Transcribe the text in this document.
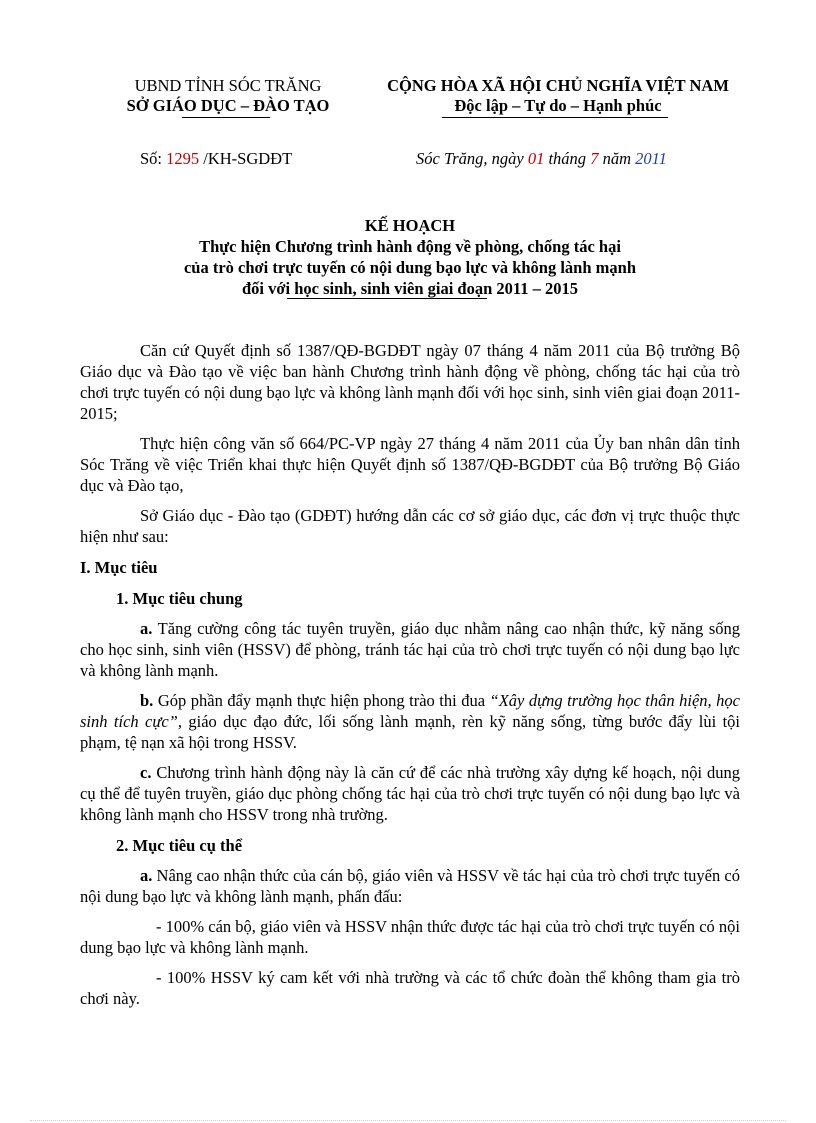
UBND TỈNH SÓC TRĂNG
SỞ GIÁO DỤC – ĐÀO TẠO
CỘNG HÒA XÃ HỘI CHỦ NGHĨA VIỆT NAM
Độc lập – Tự do – Hạnh phúc
Số: 1295 /KH-SGDĐT	Sóc Trăng, ngày 01 tháng 7 năm 2011
KẾ HOẠCH
Thực hiện Chương trình hành động về phòng, chống tác hại
của trò chơi trực tuyến có nội dung bạo lực và không lành mạnh
đối với học sinh, sinh viên giai đoạn 2011 – 2015

Căn cứ Quyết định số 1387/QĐ-BGDĐT ngày 07 tháng 4 năm 2011 của Bộ trưởng Bộ Giáo dục và Đào tạo về việc ban hành Chương trình hành động về phòng, chống tác hại của trò chơi trực tuyến có nội dung bạo lực và không lành mạnh đối với học sinh, sinh viên giai đoạn 2011-2015;

Thực hiện công văn số 664/PC-VP ngày 27 tháng 4 năm 2011 của Ủy ban nhân dân tỉnh Sóc Trăng về việc Triển khai thực hiện Quyết định số 1387/QĐ-BGDĐT của Bộ trưởng Bộ Giáo dục và Đào tạo,

Sở Giáo dục - Đào tạo (GDĐT) hướng dẫn các cơ sở giáo dục, các đơn vị trực thuộc thực hiện như sau:

I. Mục tiêu

1. Mục tiêu chung

a. Tăng cường công tác tuyên truyền, giáo dục nhằm nâng cao nhận thức, kỹ năng sống cho học sinh, sinh viên (HSSV) để phòng, tránh tác hại của trò chơi trực tuyến có nội dung bạo lực và không lành mạnh.

b. Góp phần đẩy mạnh thực hiện phong trào thi đua “Xây dựng trường học thân hiện, học sinh tích cực”, giáo dục đạo đức, lối sống lành mạnh, rèn kỹ năng sống, từng bước đẩy lùi tội phạm, tệ nạn xã hội trong HSSV.

c. Chương trình hành động này là căn cứ để các nhà trường xây dựng kế hoạch, nội dung cụ thể để tuyên truyền, giáo dục phòng chống tác hại của trò chơi trực tuyến có nội dung bạo lực và không lành mạnh cho HSSV trong nhà trường.

2. Mục tiêu cụ thể

a. Nâng cao nhận thức của cán bộ, giáo viên và HSSV về tác hại của trò chơi trực tuyến có nội dung bạo lực và không lành mạnh, phấn đấu:

- 100% cán bộ, giáo viên và HSSV nhận thức được tác hại của trò chơi trực tuyến có nội dung bạo lực và không lành mạnh.

- 100% HSSV ký cam kết với nhà trường và các tổ chức đoàn thể không tham gia trò chơi này.
